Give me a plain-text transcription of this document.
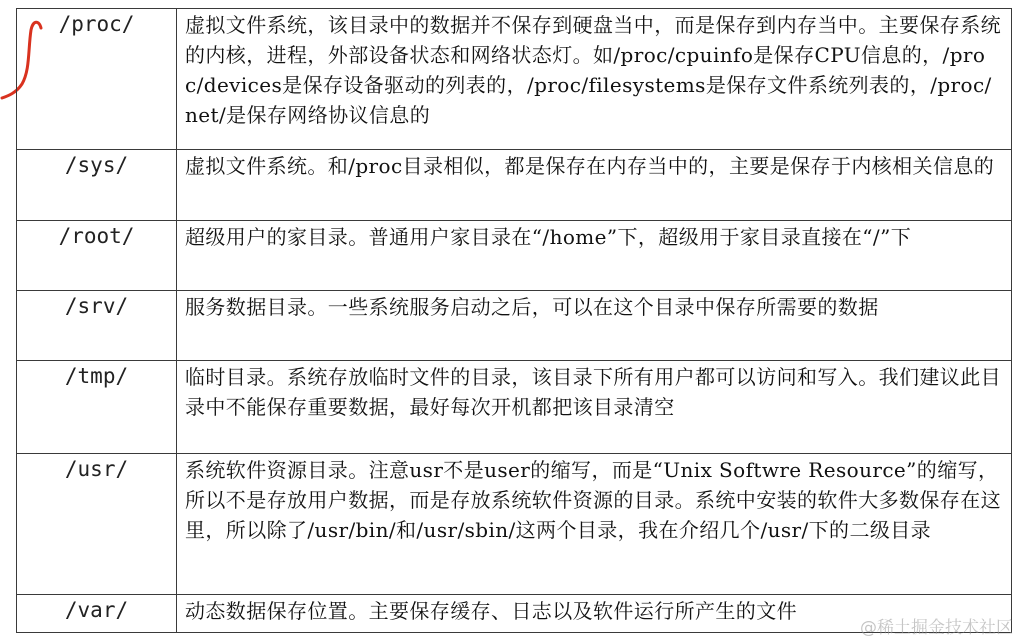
/proc/	虚拟文件系统，该目录中的数据并不保存到硬盘当中，而是保存到内存当中。主要保存系统的内核，进程，外部设备状态和网络状态灯。如/proc/cpuinfo是保存CPU信息的，/proc/devices是保存设备驱动的列表的，/proc/filesystems是保存文件系统列表的，/proc/net/是保存网络协议信息的
/sys/	虚拟文件系统。和/proc目录相似，都是保存在内存当中的，主要是保存于内核相关信息的
/root/	超级用户的家目录。普通用户家目录在“/home”下，超级用于家目录直接在“/”下
/srv/	服务数据目录。一些系统服务启动之后，可以在这个目录中保存所需要的数据
/tmp/	临时目录。系统存放临时文件的目录，该目录下所有用户都可以访问和写入。我们建议此目录中不能保存重要数据，最好每次开机都把该目录清空
/usr/	系统软件资源目录。注意usr不是user的缩写，而是“Unix Softwre Resource”的缩写，所以不是存放用户数据，而是存放系统软件资源的目录。系统中安装的软件大多数保存在这里，所以除了/usr/bin/和/usr/sbin/这两个目录，我在介绍几个/usr/下的二级目录
/var/	动态数据保存位置。主要保存缓存、日志以及软件运行所产生的文件
@稀土掘金技术社区
